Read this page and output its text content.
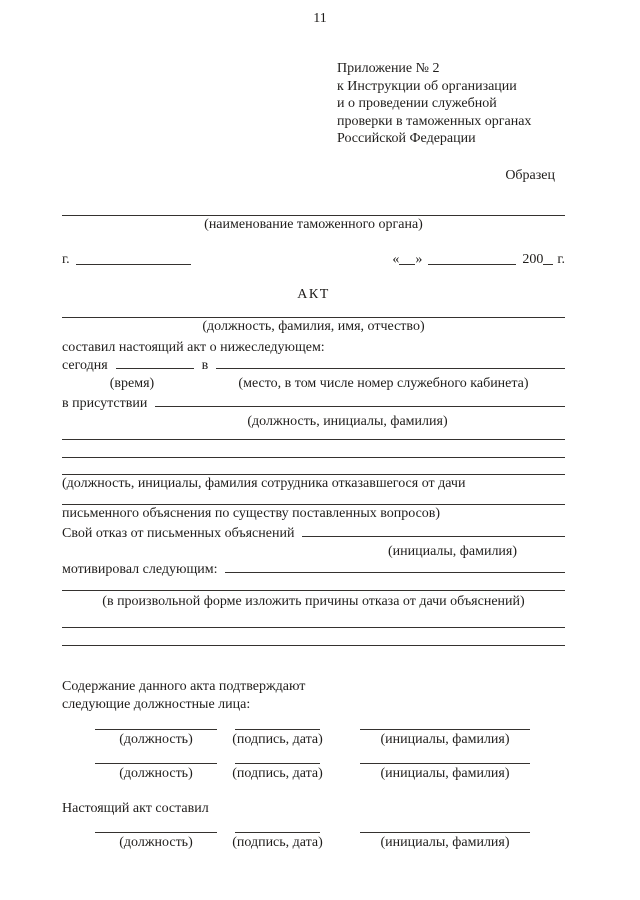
11
Приложение № 2
к Инструкции об организации
и о проведении служебной
проверки в таможенных органах
Российской Федерации
Образец
(наименование таможенного органа)
г.	« »	200 г.
АКТ
(должность, фамилия, имя, отчество)
составил настоящий акт о нижеследующем:
сегодня	в
(время)	(место, в том числе номер служебного кабинета)
в присутствии
(должность, инициалы, фамилия)
(должность, инициалы, фамилия сотрудника отказавшегося от дачи
письменного объяснения по существу поставленных вопросов)
Свой отказ от письменных объяснений
(инициалы, фамилия)
мотивировал следующим:
(в произвольной форме изложить причины отказа от дачи объяснений)
Содержание данного акта подтверждают
следующие должностные лица:
(должность)	(подпись, дата)	(инициалы, фамилия)
(должность)	(подпись, дата)	(инициалы, фамилия)
Настоящий акт составил
(должность)	(подпись, дата)	(инициалы, фамилия)
